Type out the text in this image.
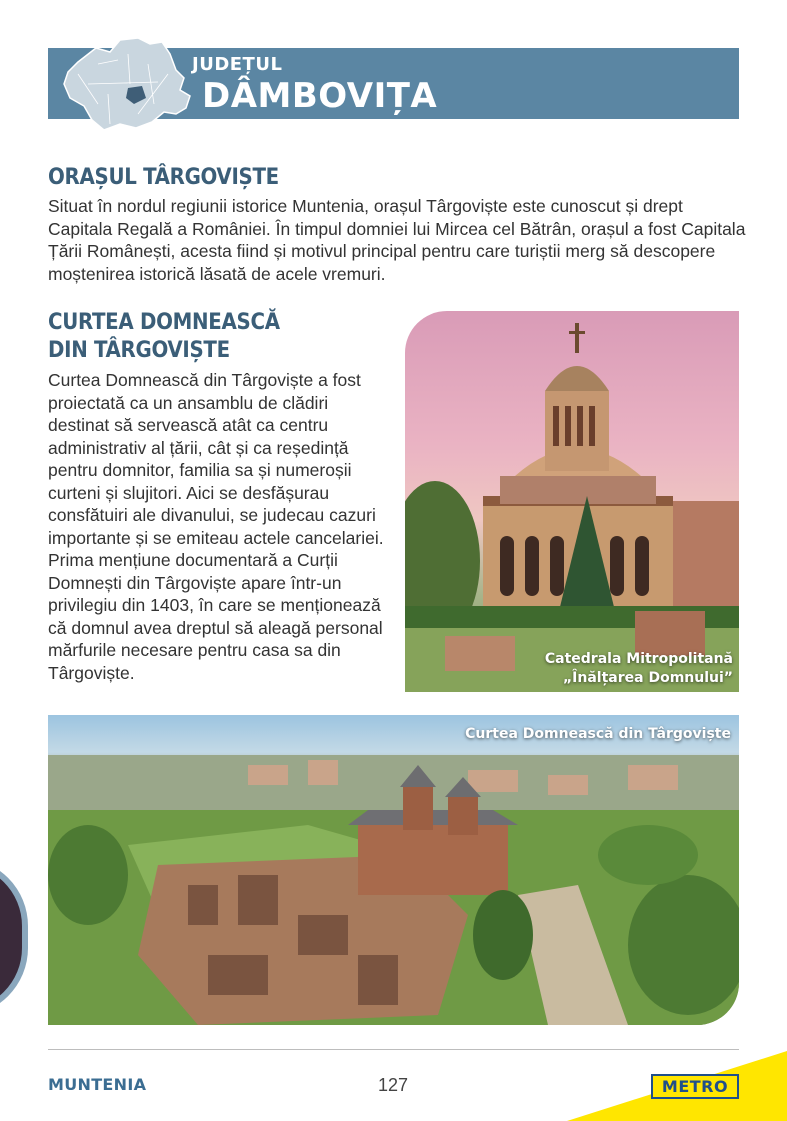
JUDEȚUL
DÂMBOVIȚA
ORAȘUL TÂRGOVIȘTE

Situat în nordul regiunii istorice Muntenia, orașul Târgoviște este cunoscut și drept Capitala Regală a României. În timpul domniei lui Mircea cel Bătrân, orașul a fost Capitala Țării Românești, acesta fiind și motivul principal pentru care turiștii merg să descopere moștenirea istorică lăsată de acele vremuri.

CURTEA DOMNEASCĂ
DIN TÂRGOVIȘTE

Curtea Domnească din Târgoviște a fost proiectată ca un ansamblu de clădiri destinat să servească atât ca centru administrativ al țării, cât și ca reședință pentru domnitor, familia sa și numeroșii curteni și slujitori. Aici se desfășurau consfătuiri ale divanului, se judecau cazuri importante și se emiteau actele cancelariei. Prima mențiune documentară a Curții Domnești din Târgoviște apare într-un privilegiu din 1403, în care se menționează că domnul avea dreptul să aleagă personal mărfurile necesare pentru casa sa din Târgoviște.

Catedrala Mitropolitană
„Înălțarea Domnului”
Curtea Domnească din Târgoviște
MUNTENIA	127	METRO
